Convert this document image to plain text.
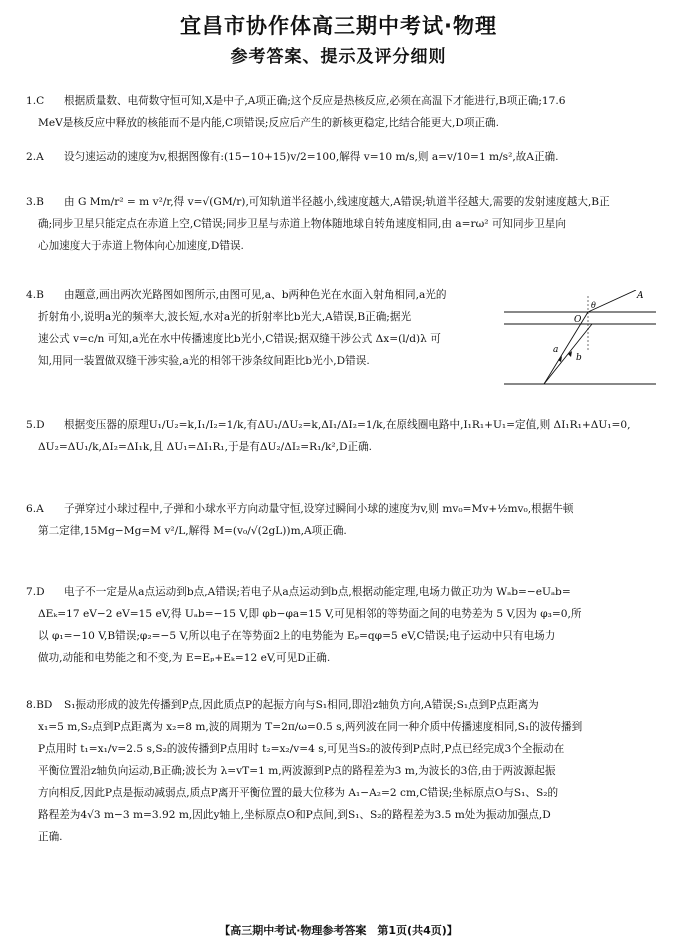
宜昌市协作体高三期中考试·物理
参考答案、提示及评分细则
1.C 根据质量数、电荷数守恒可知,X是中子,A项正确;这个反应是热核反应,必须在高温下才能进行,B项正确;17.6
MeV是核反应中释放的核能而不是内能,C项错误;反应后产生的新核更稳定,比结合能更大,D项正确.
2.A 设匀速运动的速度为v,根据图像有:(15−10+15)v/2=100,解得 v=10 m/s,则 a=v/10=1 m/s²,故A正确.
3.B 由 G Mm/r² = m v²/r,得 v=√(GM/r),可知轨道半径越小,线速度越大,A错误;轨道半径越大,需要的发射速度越大,B正
确;同步卫星只能定点在赤道上空,C错误;同步卫星与赤道上物体随地球自转角速度相同,由 a=rω² 可知同步卫星向
心加速度大于赤道上物体向心加速度,D错误.
4.B 由题意,画出两次光路图如图所示,由图可见,a、b两种色光在水面入射角相同,a光的
折射角小,说明a光的频率大,波长短,水对a光的折射率比b光大,A错误,B正确;据光
速公式 v=c/n 可知,a光在水中传播速度比b光小,C错误;据双缝干涉公式 Δx=(l/d)λ 可
知,用同一装置做双缝干涉实验,a光的相邻干涉条纹间距比b光小,D错误.
5.D 根据变压器的原理U₁/U₂=k,I₁/I₂=1/k,有ΔU₁/ΔU₂=k,ΔI₁/ΔI₂=1/k,在原线圈电路中,I₁R₁+U₁=定值,则 ΔI₁R₁+ΔU₁=0,
ΔU₂=ΔU₁/k,ΔI₂=ΔI₁k,且 ΔU₁=ΔI₁R₁,于是有ΔU₂/ΔI₂=R₁/k²,D正确.
6.A 子弹穿过小球过程中,子弹和小球水平方向动量守恒,设穿过瞬间小球的速度为v,则 mv₀=Mv+½mv₀,根据牛顿
第二定律,15Mg−Mg=M v²/L,解得 M=(v₀/√(2gL))m,A项正确.
7.D 电子不一定是从a点运动到b点,A错误;若电子从a点运动到b点,根据动能定理,电场力做正功为 Wₐb=−eUₐb=
ΔEₖ=17 eV−2 eV=15 eV,得 Uₐb=−15 V,即 φb−φa=15 V,可见相邻的等势面之间的电势差为 5 V,因为 φ₃=0,所
以 φ₁=−10 V,B错误;φ₂=−5 V,所以电子在等势面2上的电势能为 Eₚ=qφ=5 eV,C错误;电子运动中只有电场力
做功,动能和电势能之和不变,为 E=Eₚ+Eₖ=12 eV,可见D正确.
8.BD S₁振动形成的波先传播到P点,因此质点P的起振方向与S₁相同,即沿z轴负方向,A错误;S₁点到P点距离为
x₁=5 m,S₂点到P点距离为 x₂=8 m,波的周期为 T=2π/ω=0.5 s,两列波在同一种介质中传播速度相同,S₁的波传播到
P点用时 t₁=x₁/v=2.5 s,S₂的波传播到P点用时 t₂=x₂/v=4 s,可见当S₂的波传到P点时,P点已经完成3个全振动在
平衡位置沿z轴负向运动,B正确;波长为 λ=vT=1 m,两波源到P点的路程差为3 m,为波长的3倍,由于两波源起振
方向相反,因此P点是振动减弱点,质点P离开平衡位置的最大位移为 A₁−A₂=2 cm,C错误;坐标原点O与S₁、S₂的
路程差为4√3 m−3 m=3.92 m,因此y轴上,坐标原点O和P点间,到S₁、S₂的路程差为3.5 m处为振动加强点,D
正确.
A
O
θ
a
b
【高三期中考试·物理参考答案　第1页(共4页)】
